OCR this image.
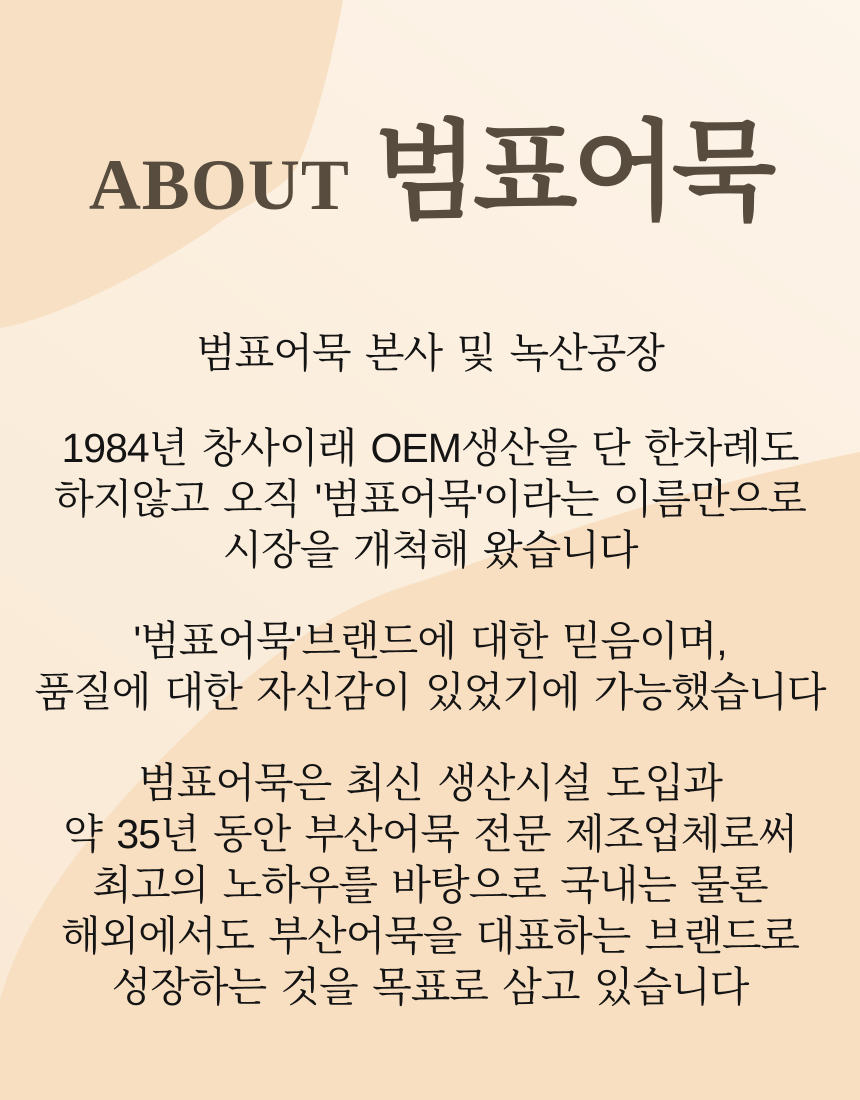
ABOUT 범표어묵

범표어묵 본사 및 녹산공장

1984년 창사이래 OEM생산을 단 한차례도
하지않고 오직 '범표어묵'이라는 이름만으로
시장을 개척해 왔습니다

'범표어묵'브랜드에 대한 믿음이며,
품질에 대한 자신감이 있었기에 가능했습니다

범표어묵은 최신 생산시설 도입과
약 35년 동안 부산어묵 전문 제조업체로써
최고의 노하우를 바탕으로 국내는 물론
해외에서도 부산어묵을 대표하는 브랜드로
성장하는 것을 목표로 삼고 있습니다
